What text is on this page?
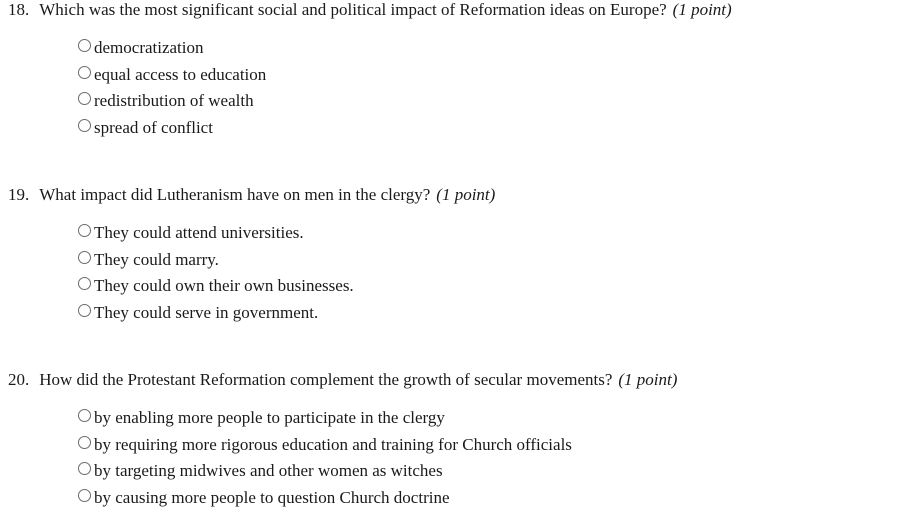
18. Which was the most significant social and political impact of Reformation ideas on Europe? (1 point)
democratization
equal access to education
redistribution of wealth
spread of conflict
19. What impact did Lutheranism have on men in the clergy? (1 point)
They could attend universities.
They could marry.
They could own their own businesses.
They could serve in government.
20. How did the Protestant Reformation complement the growth of secular movements? (1 point)
by enabling more people to participate in the clergy
by requiring more rigorous education and training for Church officials
by targeting midwives and other women as witches
by causing more people to question Church doctrine
